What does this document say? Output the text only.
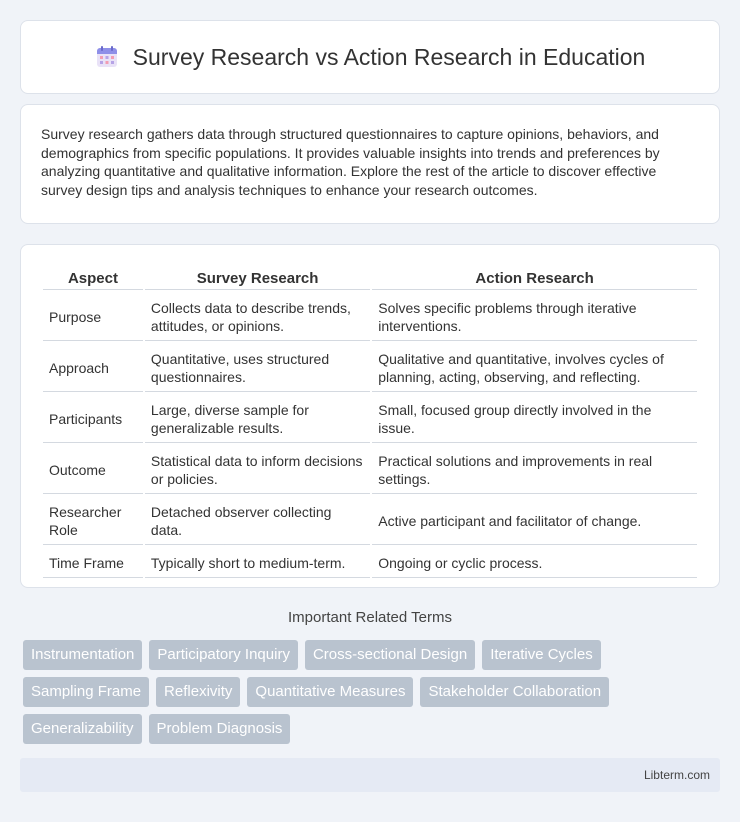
Survey Research vs Action Research in Education

Survey research gathers data through structured questionnaires to capture opinions, behaviors, and demographics from specific populations. It provides valuable insights into trends and preferences by analyzing quantitative and qualitative information. Explore the rest of the article to discover effective survey design tips and analysis techniques to enhance your research outcomes.

Aspect	Survey Research	Action Research
Purpose	Collects data to describe trends, attitudes, or opinions.	Solves specific problems through iterative interventions.
Approach	Quantitative, uses structured questionnaires.	Qualitative and quantitative, involves cycles of planning, acting, observing, and reflecting.
Participants	Large, diverse sample for generalizable results.	Small, focused group directly involved in the issue.
Outcome	Statistical data to inform decisions or policies.	Practical solutions and improvements in real settings.
Researcher Role	Detached observer collecting data.	Active participant and facilitator of change.
Time Frame	Typically short to medium-term.	Ongoing or cyclic process.
Important Related Terms
Instrumentation	Participatory Inquiry	Cross-sectional Design	Iterative Cycles
Sampling Frame	Reflexivity	Quantitative Measures	Stakeholder Collaboration
Generalizability	Problem Diagnosis
Libterm.com
